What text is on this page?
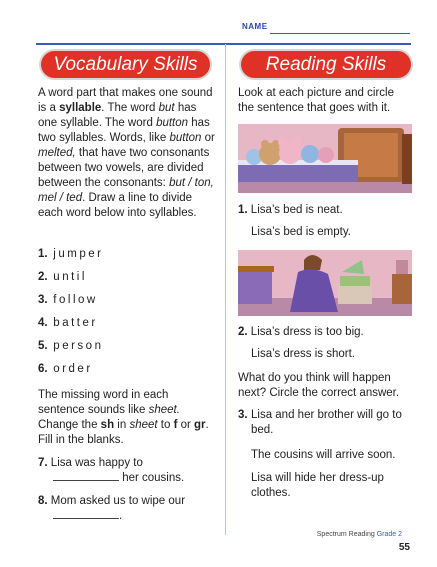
NAME
Vocabulary Skills	Reading Skills

A word part that makes one sound is a syllable. The word but has one syllable. The word button has two syllables. Words, like button or melted, that have two consonants between two vowels, are divided between the consonants: but / ton, mel / ted. Draw a line to divide each word below into syllables.

1. jumper
2. until
3. follow
4. batter
5. person
6. order

The missing word in each sentence sounds like sheet. Change the sh in sheet to f or gr. Fill in the blanks.

7. Lisa was happy to
her cousins.
8. Mom asked us to wipe our
.

Look at each picture and circle the sentence that goes with it.

1. Lisa’s bed is neat.
Lisa’s bed is empty.
2. Lisa’s dress is too big.
Lisa’s dress is short.

What do you think will happen next? Circle the correct answer.

3. Lisa and her brother will go to bed.
The cousins will arrive soon.
Lisa will hide her dress-up clothes.
Spectrum Reading Grade 2
55
